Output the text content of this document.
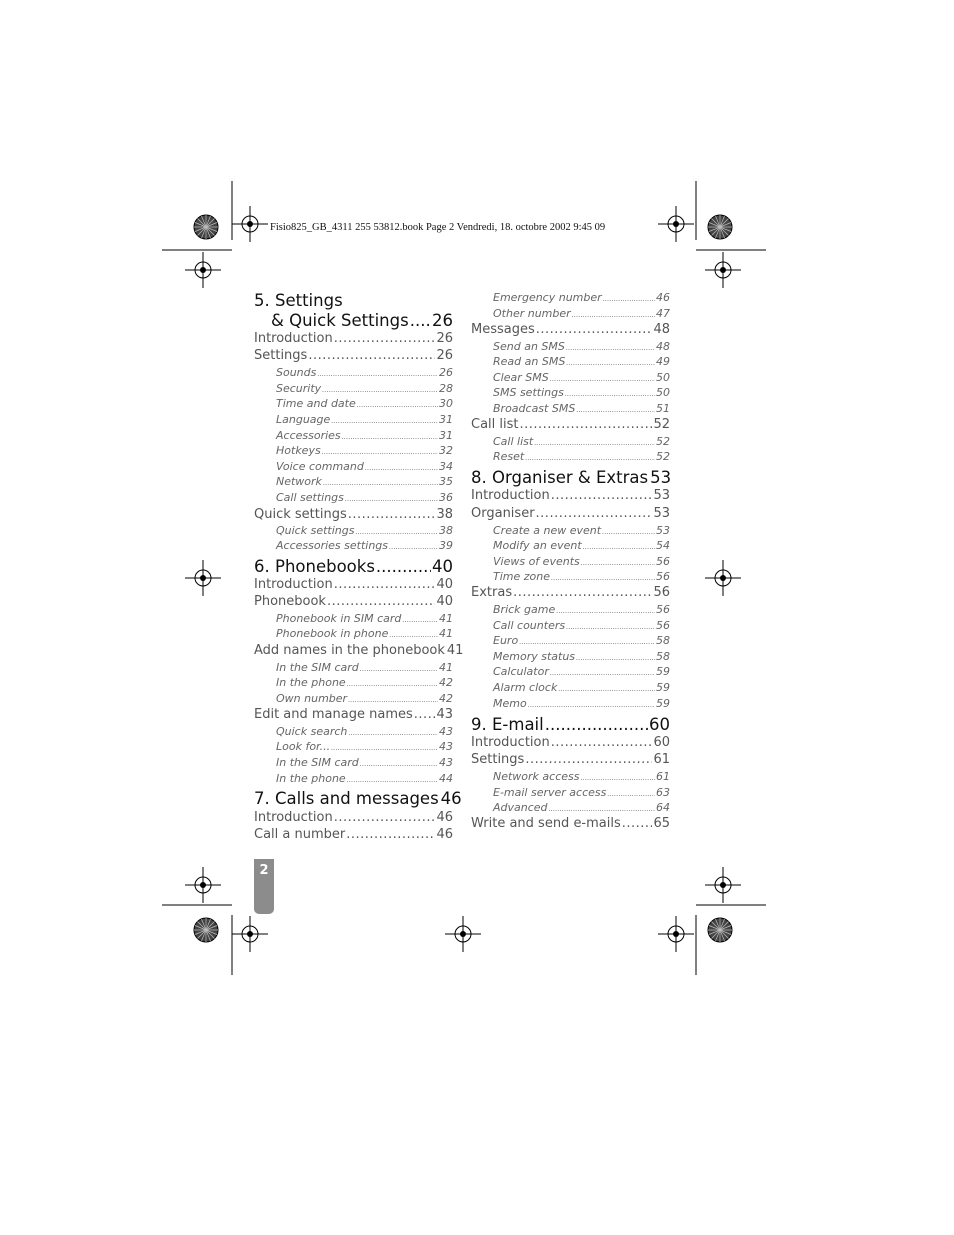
Fisio825_GB_4311 255 53812.book Page 2 Vendredi, 18. octobre 2002 9:45 09
5. Settings
& Quick Settings ..... 26
Introduction .....	26
Settings .....	26
Sounds .....	26
Security .....	28
Time and date .....	30
Language .....	31
Accessories .....	31
Hotkeys .....	32
Voice command .....	34
Network .....	35
Call settings .....	36
Quick settings .....	38
Quick settings .....	38
Accessories settings .....	39
6. Phonebooks .....	40
Introduction .....	40
Phonebook .....	40
Phonebook in SIM card .....	41
Phonebook in phone .....	41
Add names in the phonebook 41
In the SIM card .....	41
In the phone .....	42
Own number .....	42
Edit and manage names ..... 43
Quick search .....	43
Look for... .....	43
In the SIM card .....	43
In the phone .....	44
7. Calls and messages 46
Introduction .....	46
Call a number .....	46
Emergency number .....	46
Other number .....	47
Messages .....	48
Send an SMS .....	48
Read an SMS .....	49
Clear SMS .....	50
SMS settings .....	50
Broadcast SMS .....	51
Call list .....	52
Call list .....	52
Reset .....	52
8. Organiser & Extras 53
Introduction .....	53
Organiser .....	53
Create a new event .....	53
Modify an event .....	54
Views of events .....	56
Time zone .....	56
Extras .....	56
Brick game .....	56
Call counters .....	56
Euro .....	58
Memory status .....	58
Calculator .....	59
Alarm clock .....	59
Memo .....	59
9. E-mail .....	60
Introduction .....	60
Settings .....	61
Network access .....	61
E-mail server access .....	63
Advanced .....	64
Write and send e-mails .....	65
2
